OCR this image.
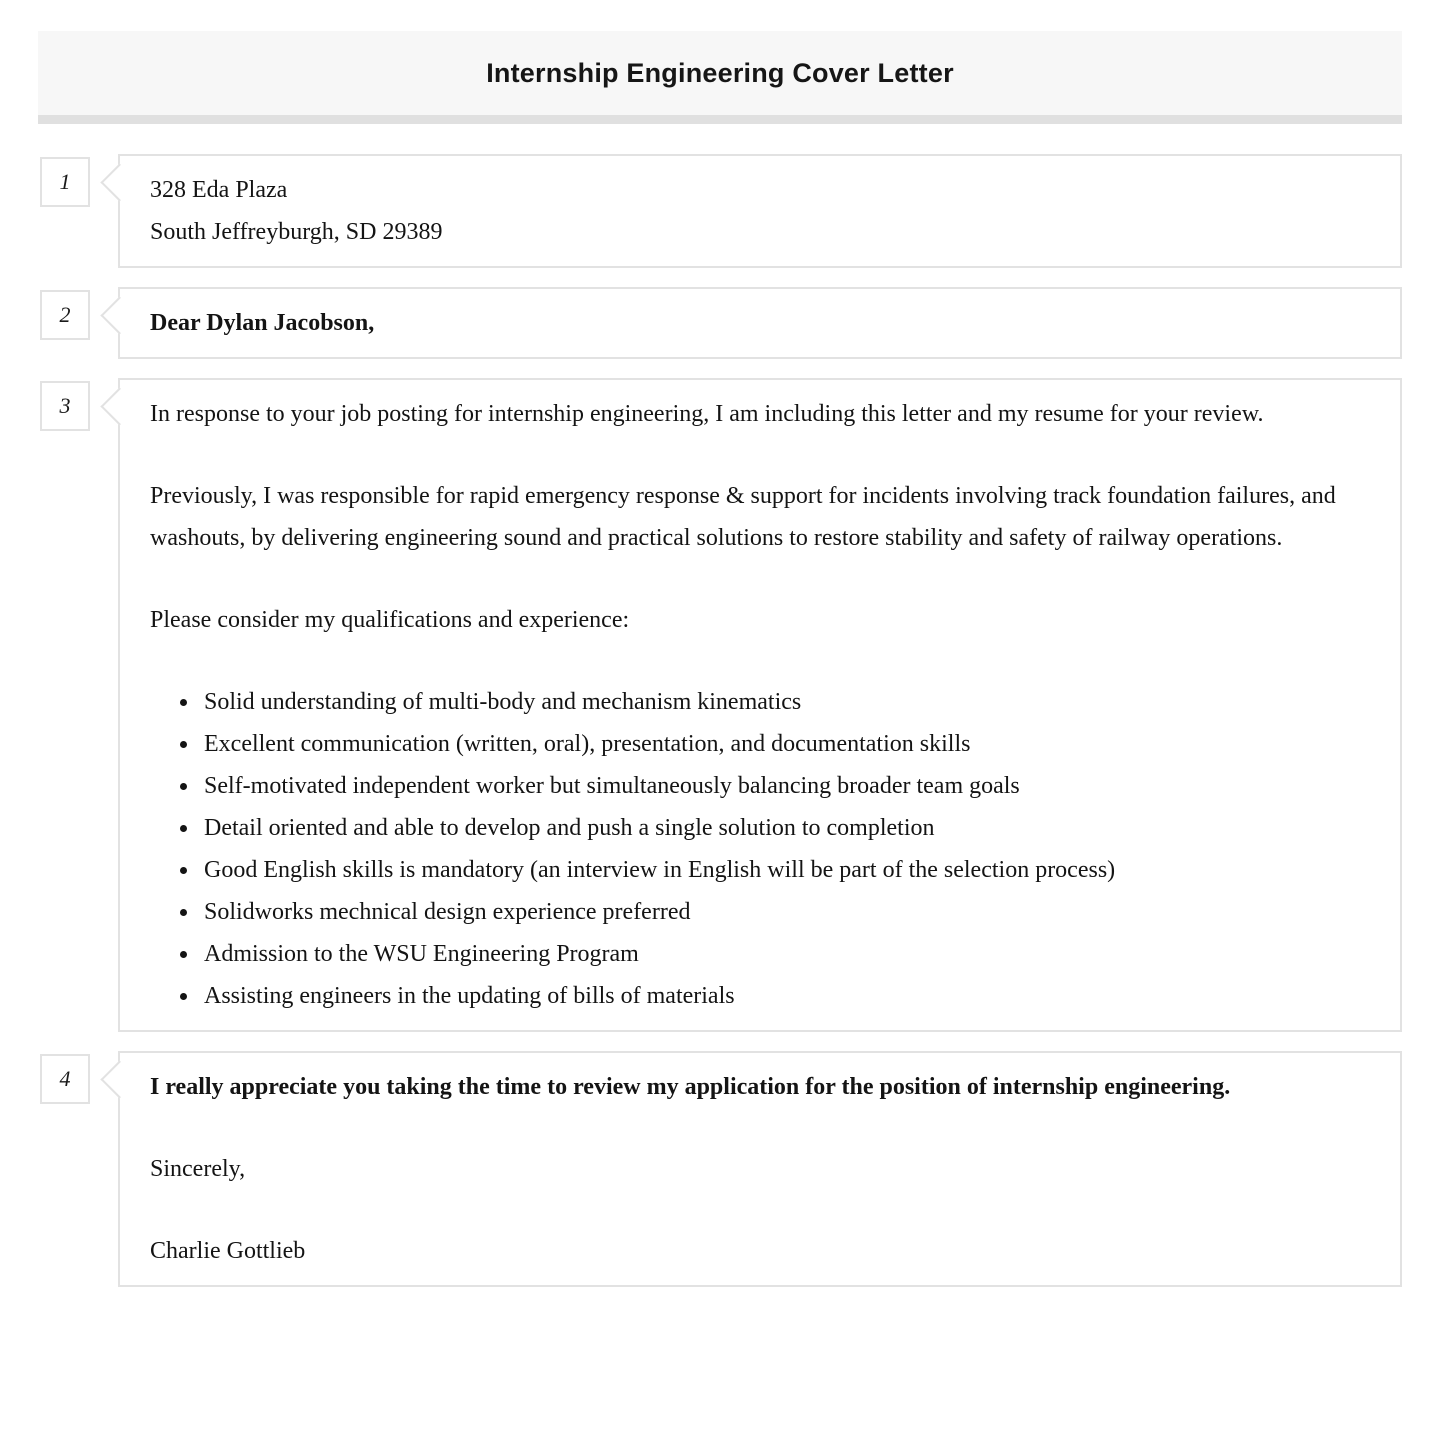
Internship Engineering Cover Letter
1	328 Eda Plaza

South Jeffreyburgh, SD 29389

2	Dear Dylan Jacobson,

3	In response to your job posting for internship engineering, I am including this letter and my resume for your review.

Previously, I was responsible for rapid emergency response & support for incidents involving track foundation failures, and washouts, by delivering engineering sound and practical solutions to restore stability and safety of railway operations.

Please consider my qualifications and experience:

• Solid understanding of multi-body and mechanism kinematics
• Excellent communication (written, oral), presentation, and documentation skills
• Self-motivated independent worker but simultaneously balancing broader team goals
• Detail oriented and able to develop and push a single solution to completion
• Good English skills is mandatory (an interview in English will be part of the selection process)
• Solidworks mechnical design experience preferred
• Admission to the WSU Engineering Program
• Assisting engineers in the updating of bills of materials
4	I really appreciate you taking the time to review my application for the position of internship engineering.

Sincerely,

Charlie Gottlieb
